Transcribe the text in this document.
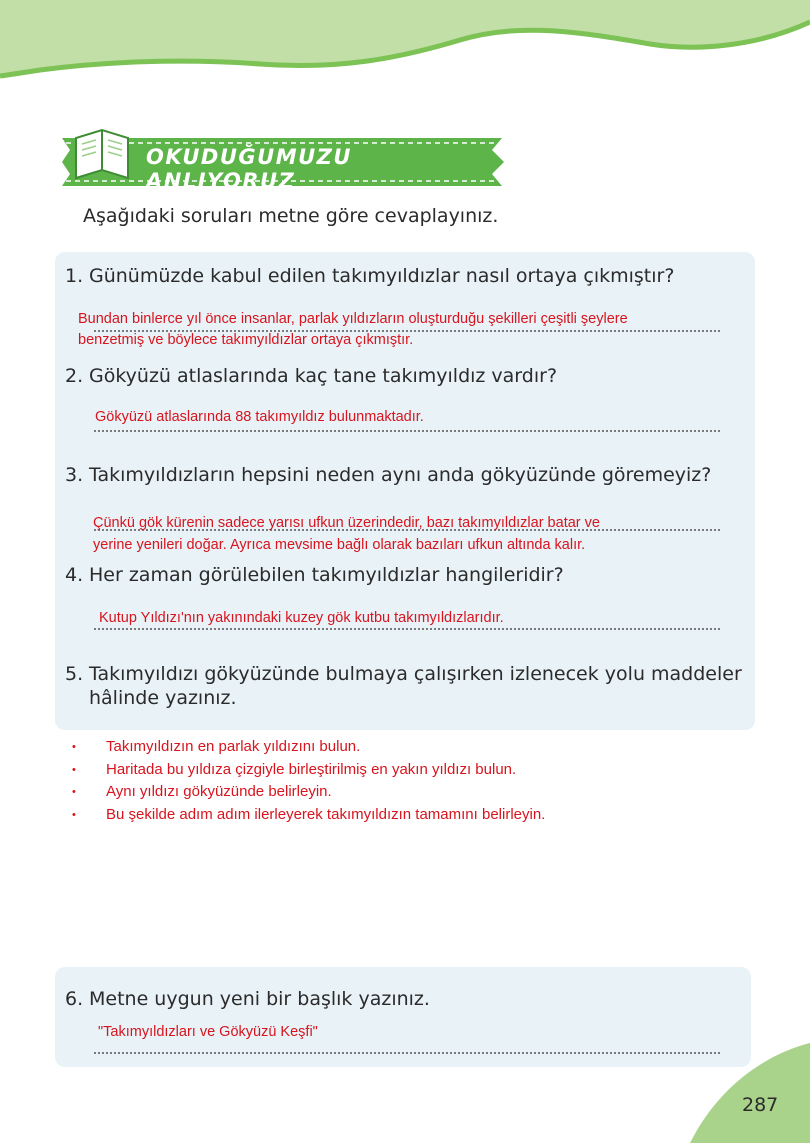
OKUDUĞUMUZU ANLIYORUZ
Aşağıdaki soruları metne göre cevaplayınız.
1. Günümüzde kabul edilen takımyıldızlar nasıl ortaya çıkmıştır?
Bundan binlerce yıl önce insanlar, parlak yıldızların oluşturduğu şekilleri çeşitli şeylere
benzetmiş ve böylece takımyıldızlar ortaya çıkmıştır.
2. Gökyüzü atlaslarında kaç tane takımyıldız vardır?
Gökyüzü atlaslarında 88 takımyıldız bulunmaktadır.
3. Takımyıldızların hepsini neden aynı anda gökyüzünde göremeyiz?
Çünkü gök kürenin sadece yarısı ufkun üzerindedir, bazı takımyıldızlar batar ve
yerine yenileri doğar. Ayrıca mevsime bağlı olarak bazıları ufkun altında kalır.
4. Her zaman görülebilen takımyıldızlar hangileridir?
Kutup Yıldızı'nın yakınındaki kuzey gök kutbu takımyıldızlarıdır.
5. Takımyıldızı gökyüzünde bulmaya çalışırken izlenecek yolu maddeler
hâlinde yazınız.
• Takımyıldızın en parlak yıldızını bulun.
• Haritada bu yıldıza çizgiyle birleştirilmiş en yakın yıldızı bulun.
• Aynı yıldızı gökyüzünde belirleyin.
• Bu şekilde adım adım ilerleyerek takımyıldızın tamamını belirleyin.
6. Metne uygun yeni bir başlık yazınız.
"Takımyıldızları ve Gökyüzü Keşfi"
287
